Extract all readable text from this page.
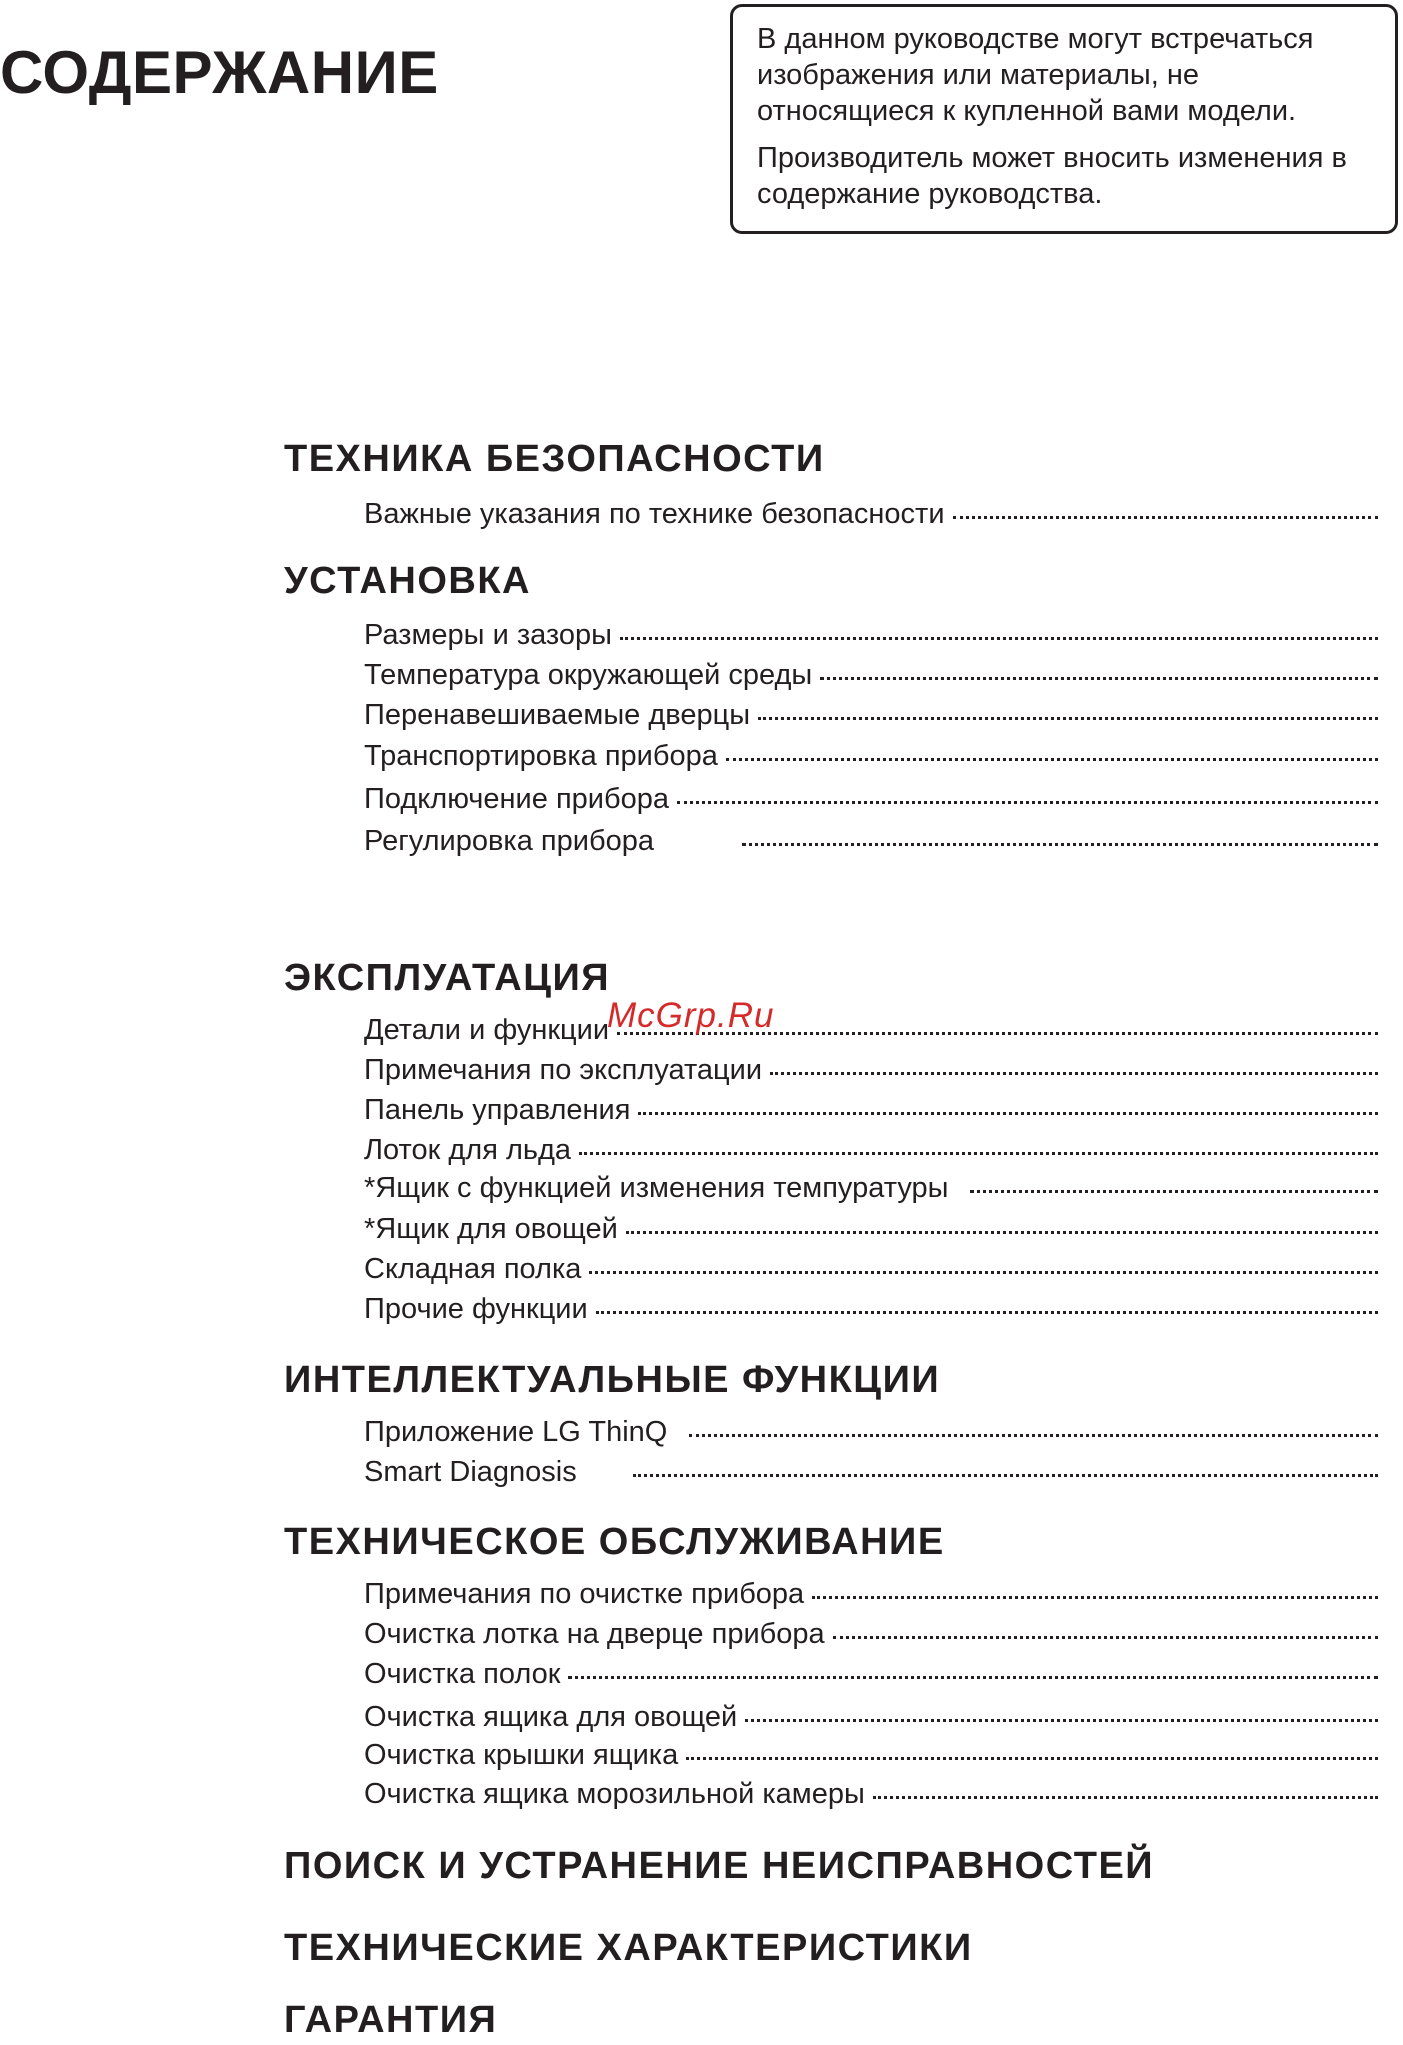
СОДЕРЖАНИЕ

В данном руководстве могут встречаться изображения или материалы, не относящиеся к купленной вами модели.

Производитель может вносить изменения в содержание руководства.

ТЕХНИКА БЕЗОПАСНОСТИ
Важные указания по технике безопасности
УСТАНОВКА
Размеры и зазоры
Температура окружающей среды
Перенавешиваемые дверцы
Транспортировка прибора
Подключение прибора
Регулировка прибора
ЭКСПЛУАТАЦИЯ
Детали и функции
Примечания по эксплуатации
Панель управления
Лоток для льда
*Ящик с функцией изменения темпуратуры
*Ящик для овощей
Складная полка
Прочие функции
ИНТЕЛЛЕКТУАЛЬНЫЕ ФУНКЦИИ
Приложение LG ThinQ
Smart Diagnosis
ТЕХНИЧЕСКОЕ ОБСЛУЖИВАНИЕ
Примечания по очистке прибора
Очистка лотка на дверце прибора
Очистка полок
Очистка ящика для овощей
Очистка крышки ящика
Очистка ящика морозильной камеры
ПОИСК И УСТРАНЕНИЕ НЕИСПРАВНОСТЕЙ
ТЕХНИЧЕСКИЕ ХАРАКТЕРИСТИКИ
ГАРАНТИЯ
McGrp.Ru
